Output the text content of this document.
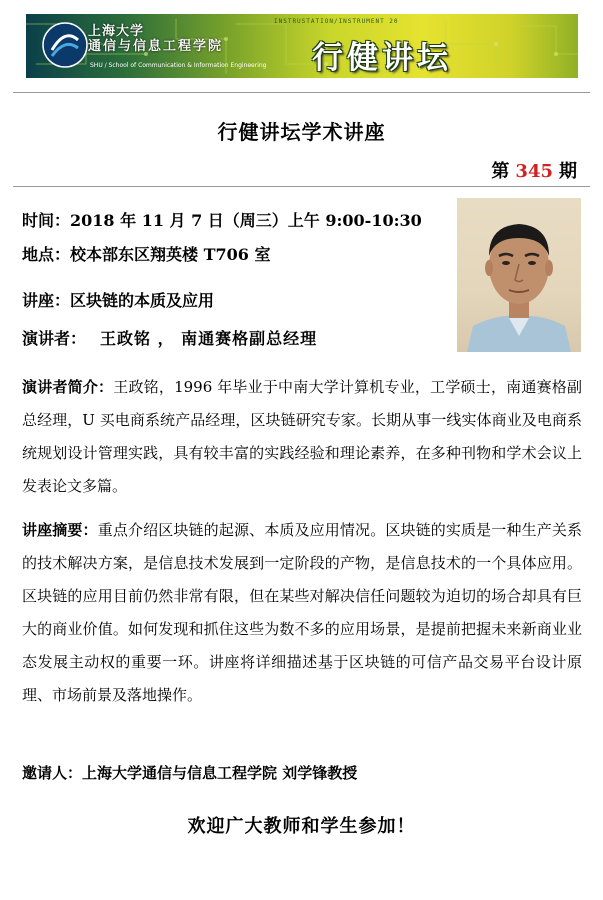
上海大学
通信与信息工程学院
SHU / School of Communication & Information Engineering
INSTRUSTATION/INSTRUMENT 20
行健讲坛
行健讲坛学术讲座
第 345 期
时间：2018 年 11 月 7 日（周三）上午 9:00-10:30
地点：校本部东区翔英楼 T706 室
讲座：区块链的本质及应用
演讲者： 王政铭 ， 南通赛格副总经理
演讲者简介：王政铭，1996 年毕业于中南大学计算机专业，工学硕士，南通赛格副总经理，U 买电商系统产品经理，区块链研究专家。长期从事一线实体商业及电商系统规划设计管理实践，具有较丰富的实践经验和理论素养，在多种刊物和学术会议上发表论文多篇。
讲座摘要：重点介绍区块链的起源、本质及应用情况。区块链的实质是一种生产关系的技术解决方案，是信息技术发展到一定阶段的产物，是信息技术的一个具体应用。区块链的应用目前仍然非常有限，但在某些对解决信任问题较为迫切的场合却具有巨大的商业价值。如何发现和抓住这些为数不多的应用场景，是提前把握未来新商业业态发展主动权的重要一环。讲座将详细描述基于区块链的可信产品交易平台设计原理、市场前景及落地操作。
邀请人：上海大学通信与信息工程学院 刘学锋教授
欢迎广大教师和学生参加！
